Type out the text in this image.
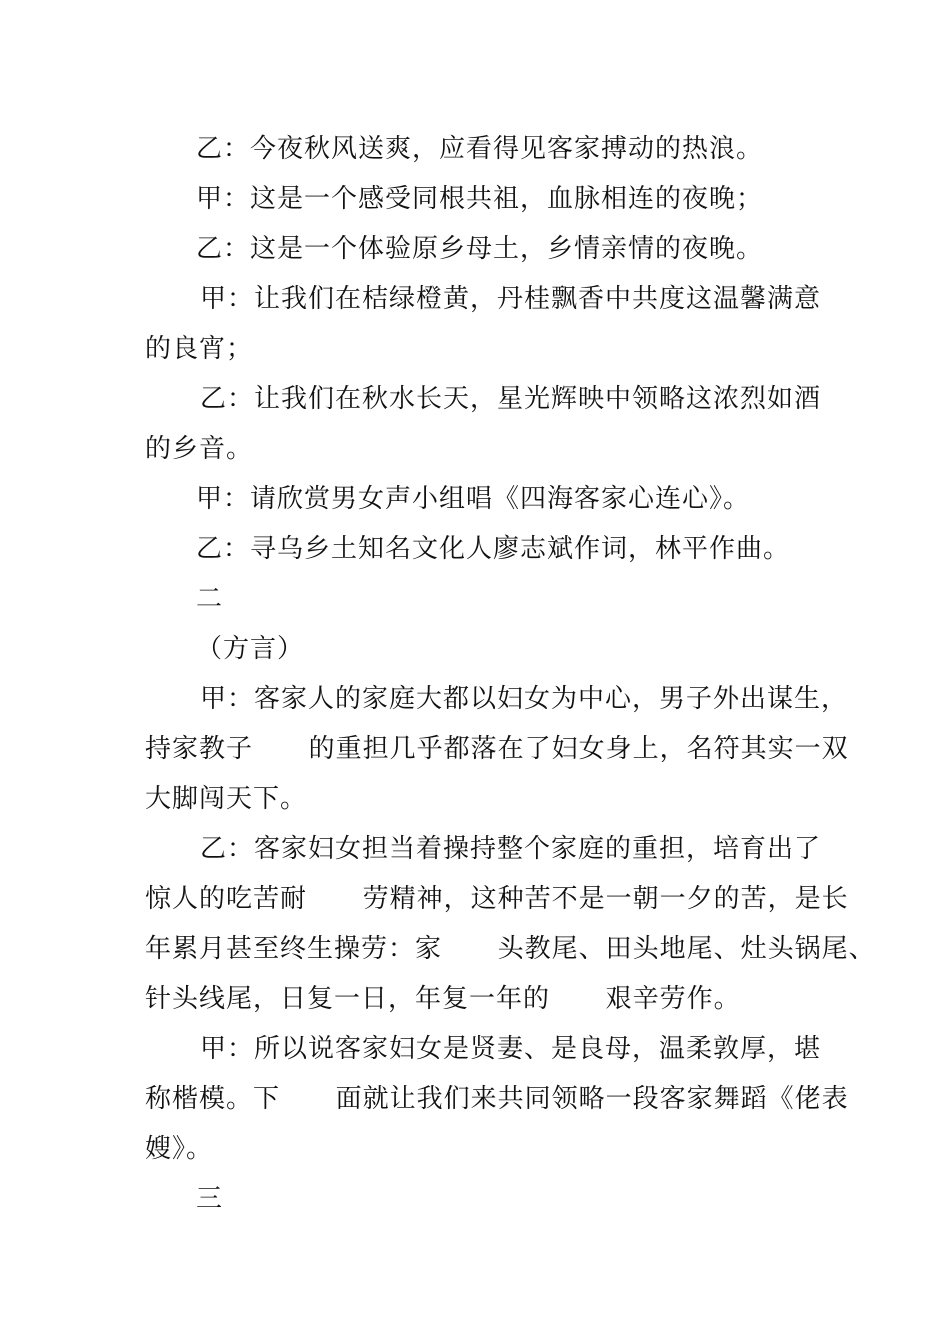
乙：今夜秋风送爽，应看得见客家搏动的热浪。
甲：这是一个感受同根共祖，血脉相连的夜晚；
乙：这是一个体验原乡母土，乡情亲情的夜晚。
甲：让我们在桔绿橙黄，丹桂飘香中共度这温馨满意
的良宵；
乙：让我们在秋水长天，星光辉映中领略这浓烈如酒
的乡音。
甲：请欣赏男女声小组唱《四海客家心连心》。
乙：寻乌乡土知名文化人廖志斌作词，林平作曲。
二
（方言）
甲：客家人的家庭大都以妇女为中心，男子外出谋生，
持家教子      的重担几乎都落在了妇女身上，名符其实一双
大脚闯天下。
乙：客家妇女担当着操持整个家庭的重担，培育出了
惊人的吃苦耐      劳精神，这种苦不是一朝一夕的苦，是长
年累月甚至终生操劳：家      头教尾、田头地尾、灶头锅尾、
针头线尾，日复一日，年复一年的      艰辛劳作。
甲：所以说客家妇女是贤妻、是良母，温柔敦厚，堪
称楷模。下      面就让我们来共同领略一段客家舞蹈《佬表
嫂》。
三
